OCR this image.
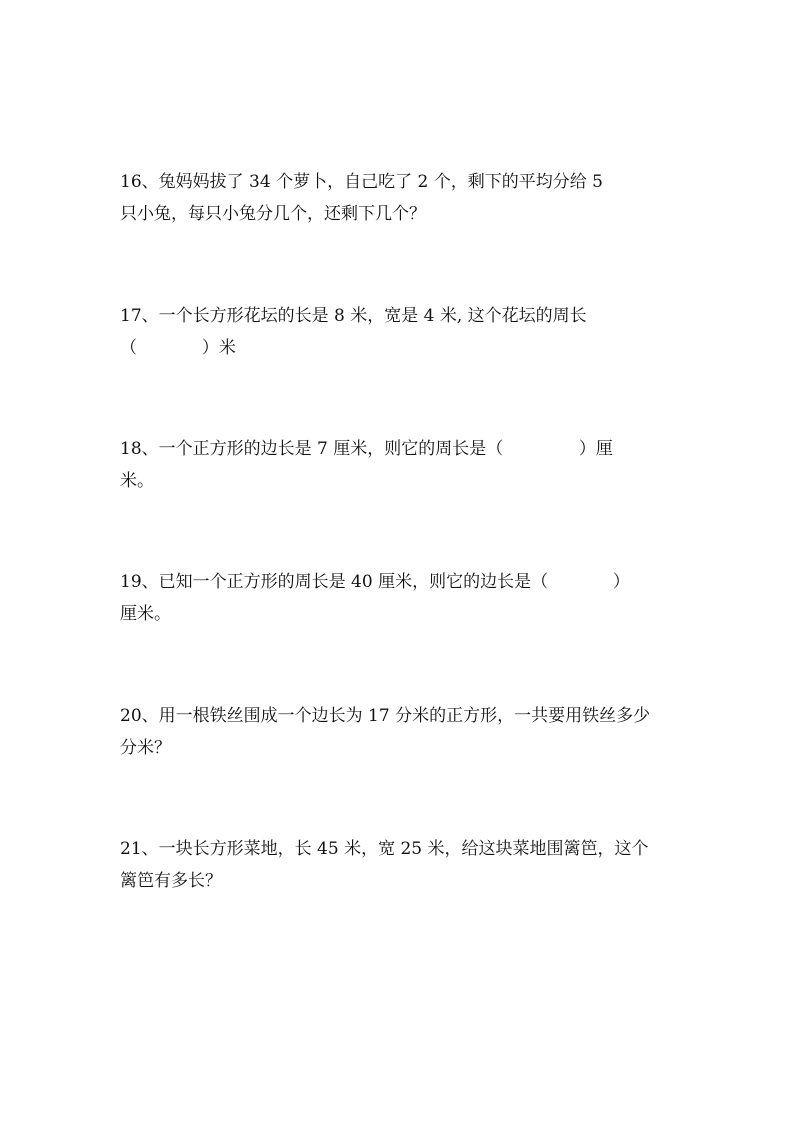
16、兔妈妈拔了 34 个萝卜，自己吃了 2 个，剩下的平均分给 5
只小兔，每只小兔分几个，还剩下几个？
17、一个长方形花坛的长是 8 米，宽是 4 米, 这个花坛的周长
（            ）米
18、一个正方形的边长是 7 厘米，则它的周长是（              ）厘
米。
19、已知一个正方形的周长是 40 厘米，则它的边长是（            ）
厘米。
20、用一根铁丝围成一个边长为 17 分米的正方形，一共要用铁丝多少
分米？
21、一块长方形菜地，长 45 米，宽 25 米，给这块菜地围篱笆，这个
篱笆有多长？
